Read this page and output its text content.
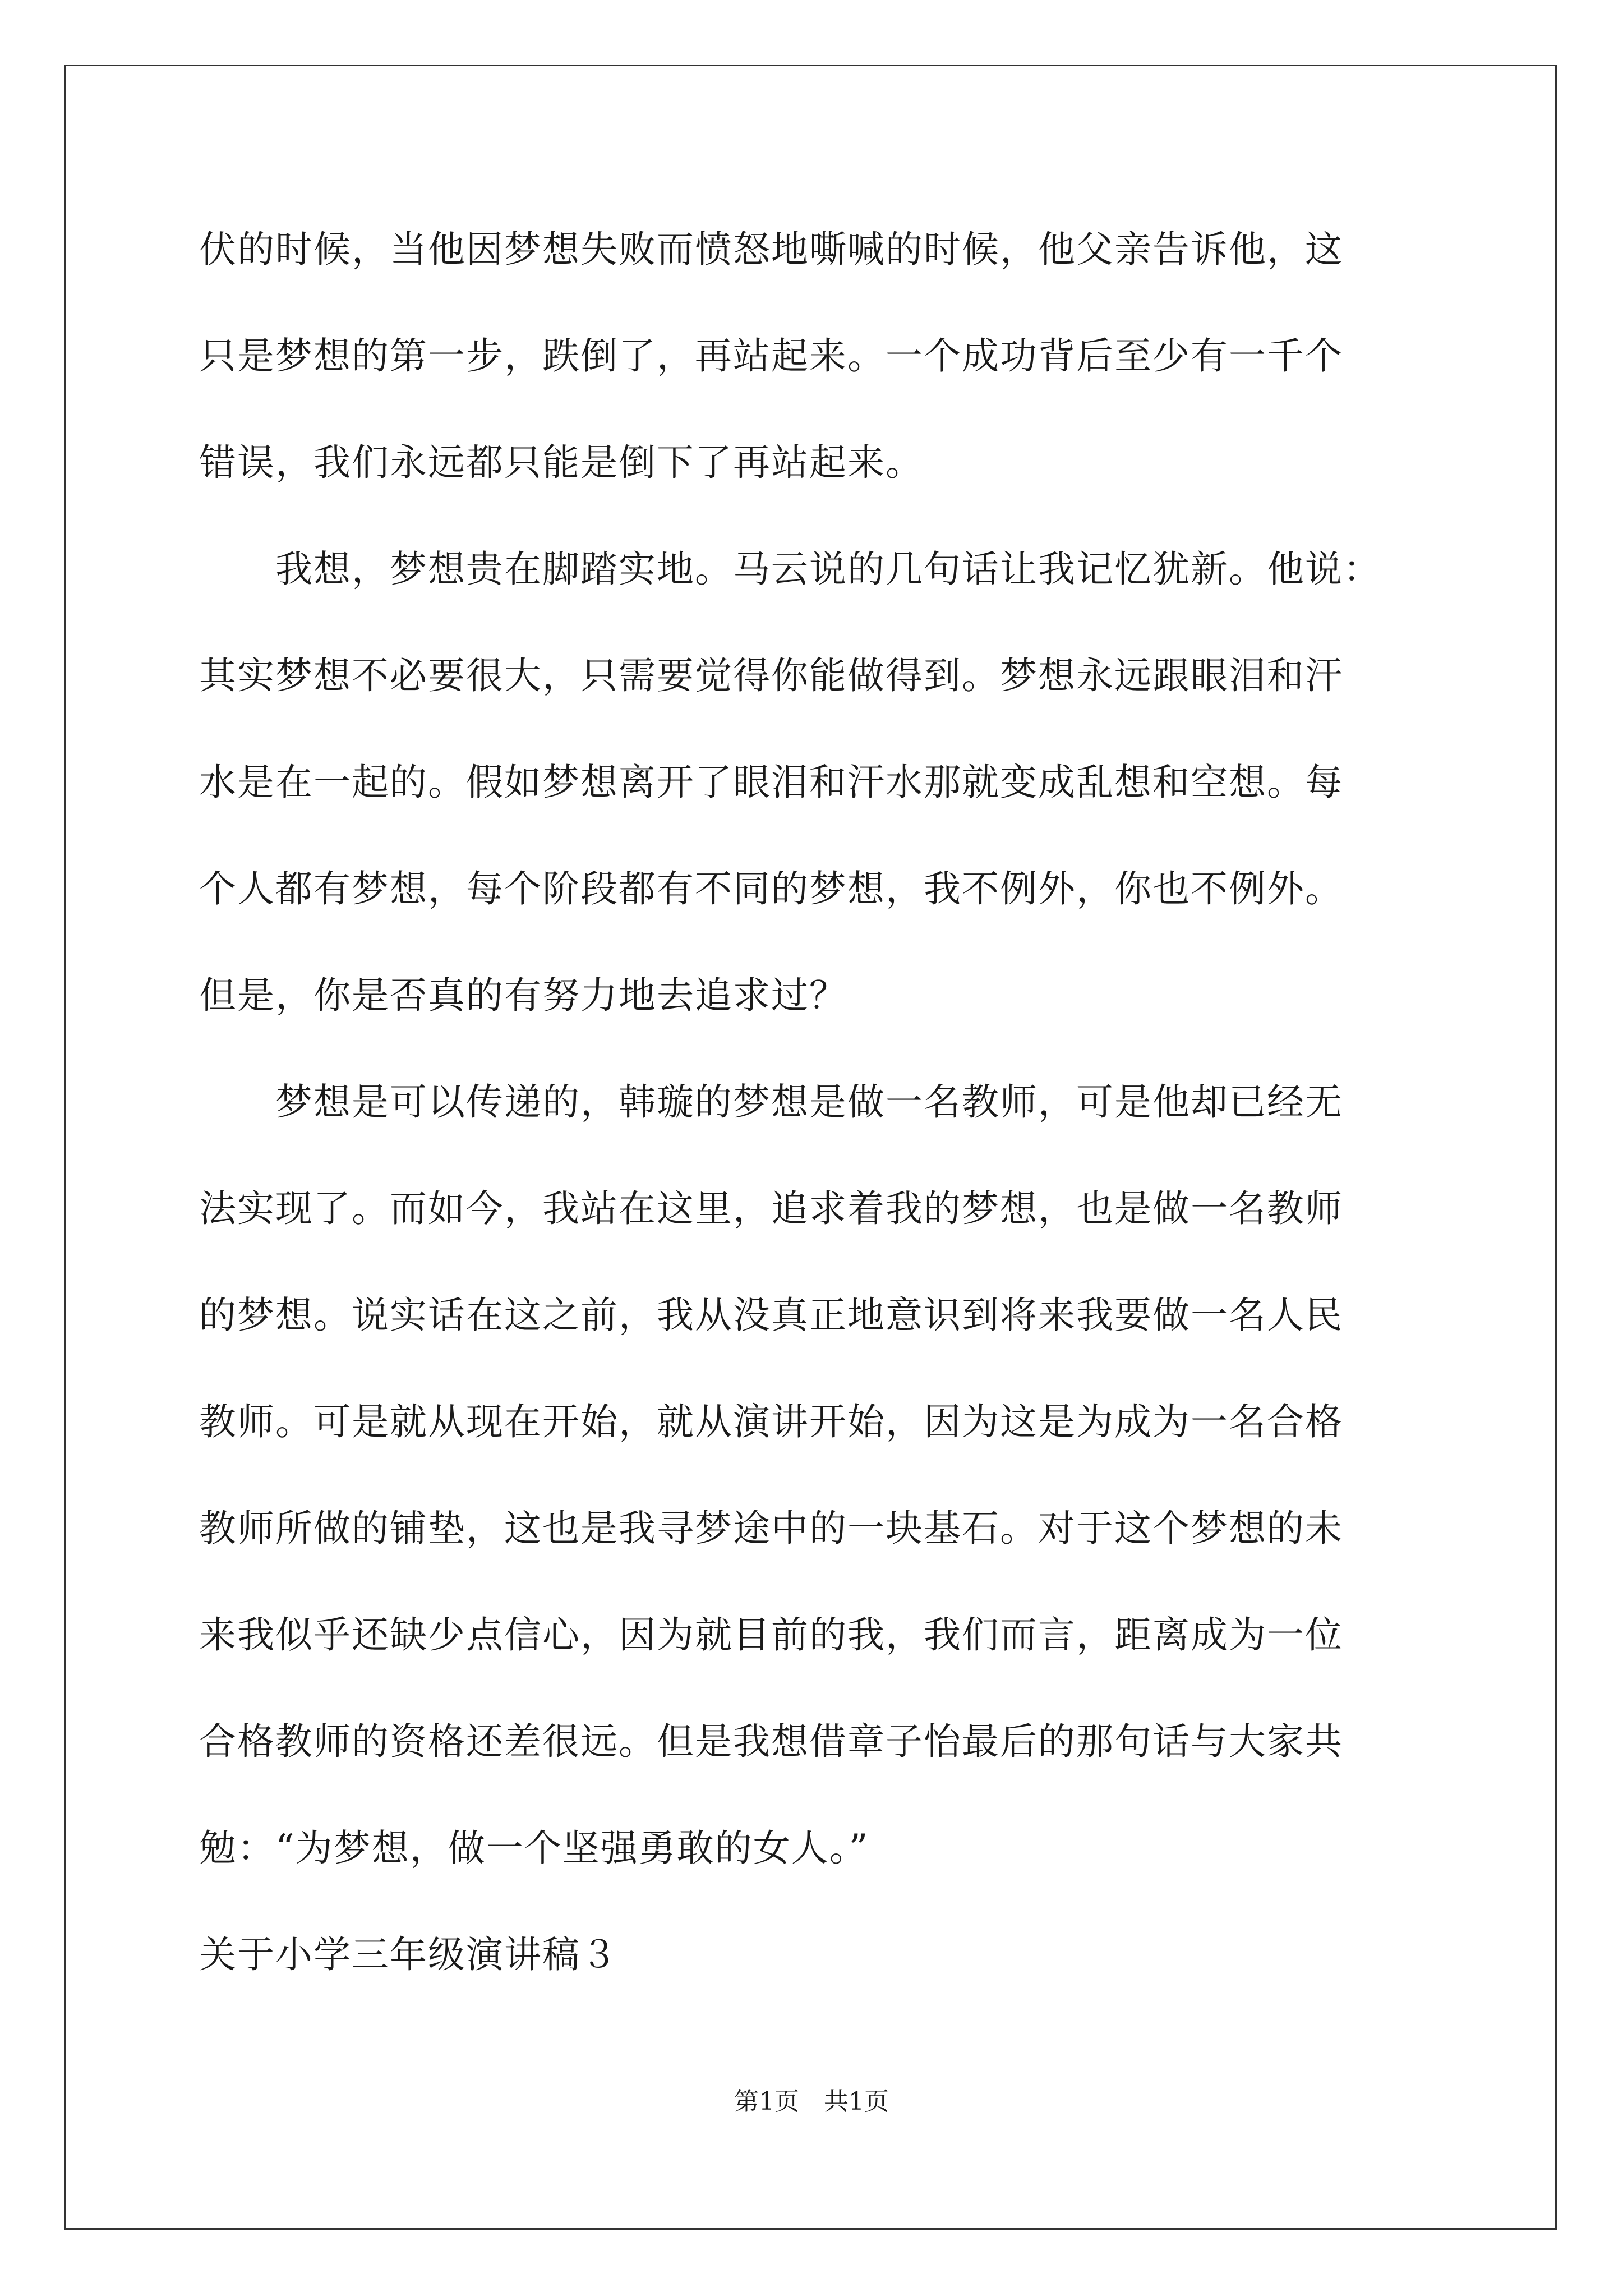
伏的时候，当他因梦想失败而愤怒地嘶喊的时候，他父亲告诉他，这
只是梦想的第一步，跌倒了，再站起来。一个成功背后至少有一千个
错误，我们永远都只能是倒下了再站起来。
　　我想，梦想贵在脚踏实地。马云说的几句话让我记忆犹新。他说：
其实梦想不必要很大，只需要觉得你能做得到。梦想永远跟眼泪和汗
水是在一起的。假如梦想离开了眼泪和汗水那就变成乱想和空想。每
个人都有梦想，每个阶段都有不同的梦想，我不例外，你也不例外。
但是，你是否真的有努力地去追求过？
　　梦想是可以传递的，韩璇的梦想是做一名教师，可是他却已经无
法实现了。而如今，我站在这里，追求着我的梦想，也是做一名教师
的梦想。说实话在这之前，我从没真正地意识到将来我要做一名人民
教师。可是就从现在开始，就从演讲开始，因为这是为成为一名合格
教师所做的铺垫，这也是我寻梦途中的一块基石。对于这个梦想的未
来我似乎还缺少点信心，因为就目前的我，我们而言，距离成为一位
合格教师的资格还差很远。但是我想借章子怡最后的那句话与大家共
勉：“为梦想，做一个坚强勇敢的女人。”
关于小学三年级演讲稿３
第1页　共1页
